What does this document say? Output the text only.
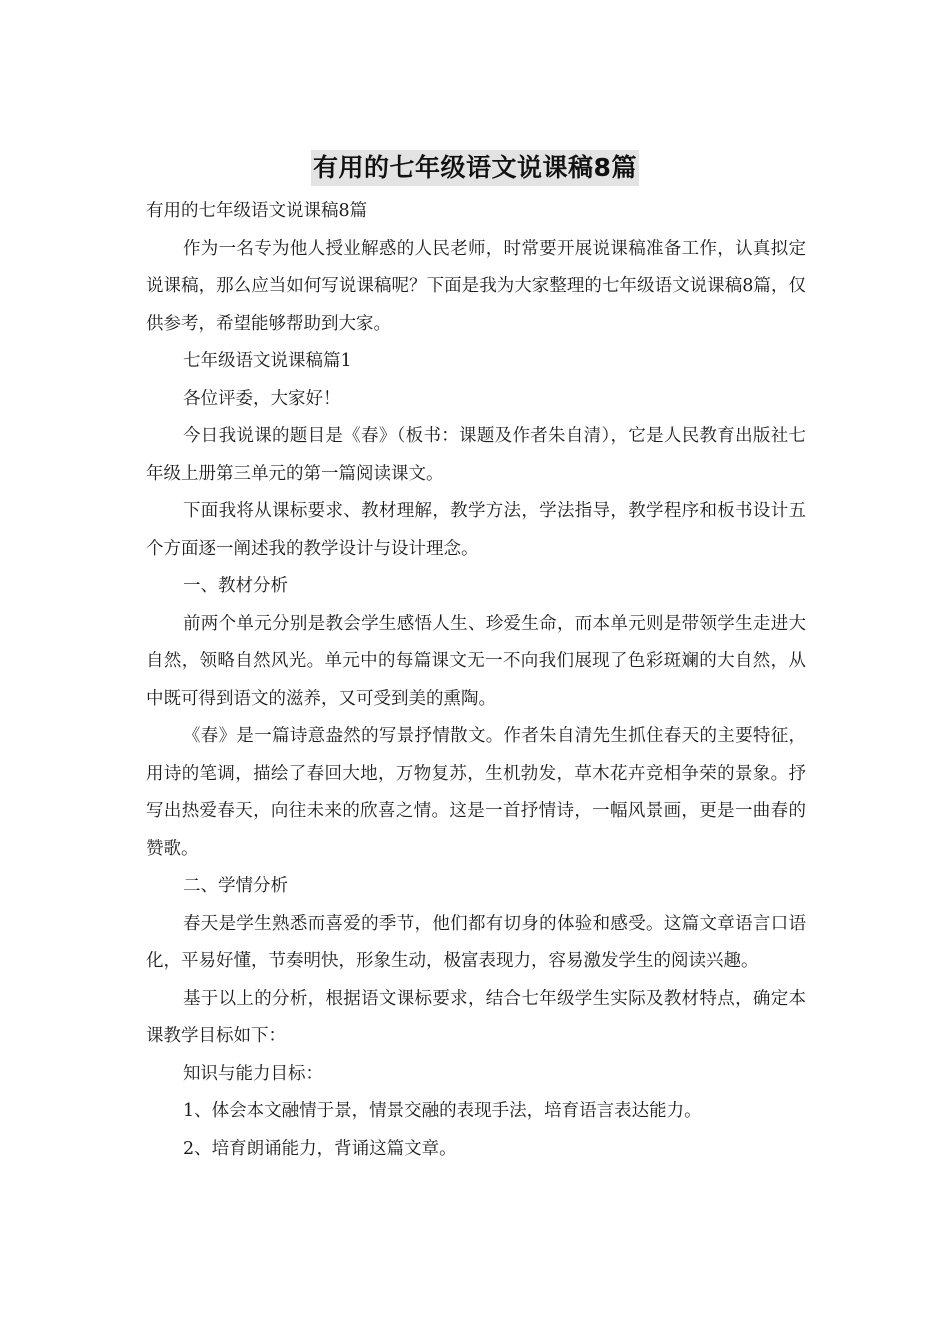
有用的七年级语文说课稿8篇

有用的七年级语文说课稿8篇

作为一名专为他人授业解惑的人民老师，时常要开展说课稿准备工作，认真拟定说课稿，那么应当如何写说课稿呢？下面是我为大家整理的七年级语文说课稿8篇，仅供参考，希望能够帮助到大家。

七年级语文说课稿篇1

各位评委，大家好！

今日我说课的题目是《春》（板书：课题及作者朱自清），它是人民教育出版社七年级上册第三单元的第一篇阅读课文。

下面我将从课标要求、教材理解，教学方法，学法指导，教学程序和板书设计五个方面逐一阐述我的教学设计与设计理念。

一、教材分析

前两个单元分别是教会学生感悟人生、珍爱生命，而本单元则是带领学生走进大自然，领略自然风光。单元中的每篇课文无一不向我们展现了色彩斑斓的大自然，从中既可得到语文的滋养，又可受到美的熏陶。

《春》是一篇诗意盎然的写景抒情散文。作者朱自清先生抓住春天的主要特征，用诗的笔调，描绘了春回大地，万物复苏，生机勃发，草木花卉竞相争荣的景象。抒写出热爱春天，向往未来的欣喜之情。这是一首抒情诗，一幅风景画，更是一曲春的赞歌。

二、学情分析

春天是学生熟悉而喜爱的季节，他们都有切身的体验和感受。这篇文章语言口语化，平易好懂，节奏明快，形象生动，极富表现力，容易激发学生的阅读兴趣。

基于以上的分析，根据语文课标要求，结合七年级学生实际及教材特点，确定本课教学目标如下：

知识与能力目标：

1、体会本文融情于景，情景交融的表现手法，培育语言表达能力。

2、培育朗诵能力，背诵这篇文章。
